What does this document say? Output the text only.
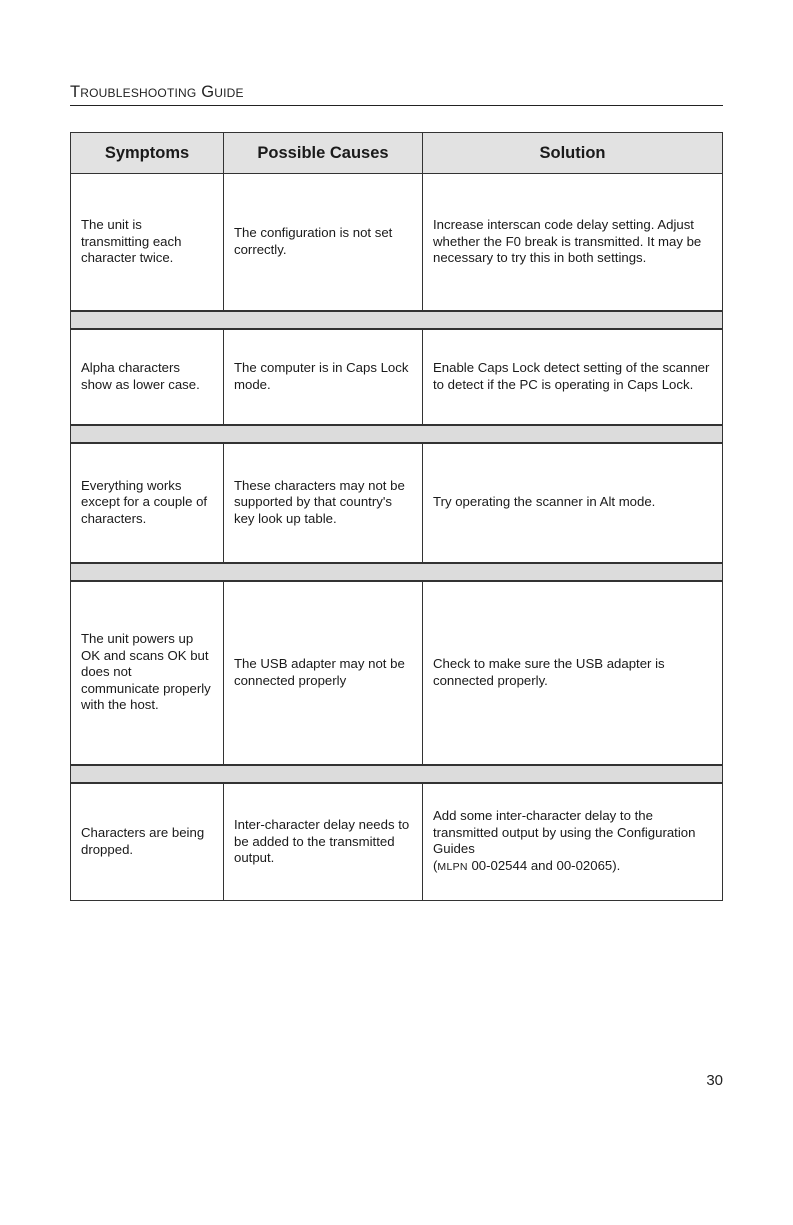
Troubleshooting Guide
Symptoms	Possible Causes	Solution
The unit is transmitting each character twice.	The configuration is not set correctly.	Increase interscan code delay setting. Adjust whether the F0 break is transmitted. It may be necessary to try this in both settings.

Alpha characters show as lower case.	The computer is in Caps Lock mode.	Enable Caps Lock detect setting of the scanner to detect if the PC is operating in Caps Lock.

Everything works except for a couple of characters.	These characters may not be supported by that country's key look up table.	Try operating the scanner in Alt mode.

The unit powers up OK and scans OK but does not communicate properly with the host.	The USB adapter may not be connected properly	Check to make sure the USB adapter is connected properly.

Characters are being dropped.	Inter-character delay needs to be added to the transmitted output.	Add some inter-character delay to the transmitted output by using the Configuration Guides
(MLPN 00-02544 and 00-02065).
30
